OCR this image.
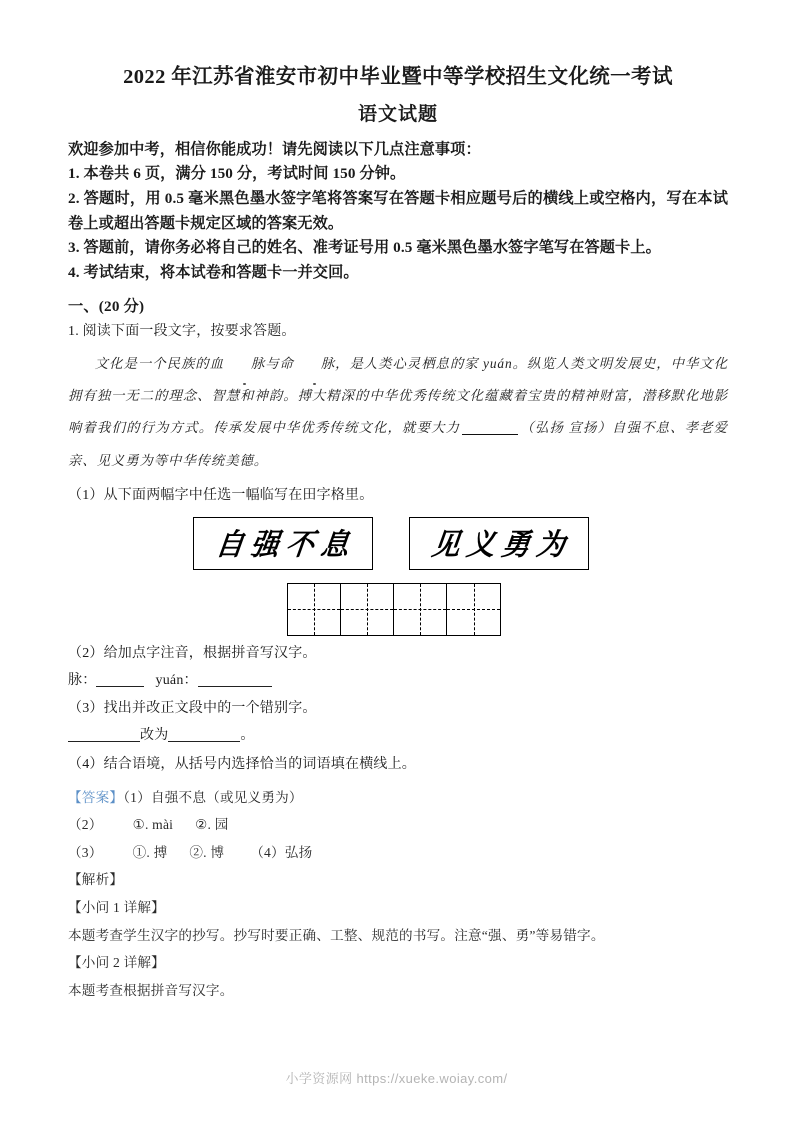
2022 年江苏省淮安市初中毕业暨中等学校招生文化统一考试
语文试题

欢迎参加中考，相信你能成功！请先阅读以下几点注意事项：

1. 本卷共 6 页，满分 150 分，考试时间 150 分钟。

2. 答题时，用 0.5 毫米黑色墨水签字笔将答案写在答题卡相应题号后的横线上或空格内，写在本试卷上或超出答题卡规定区域的答案无效。

3. 答题前，请你务必将自己的姓名、准考证号用 0.5 毫米黑色墨水签字笔写在答题卡上。

4. 考试结束，将本试卷和答题卡一并交回。

一、(20 分)

1. 阅读下面一段文字，按要求答题。

文化是一个民族的血 脉与命 脉，是人类心灵栖息的家 yuán。纵览人类文明发展史，中华文化拥有独一无二的理念、智慧和神韵。搏大精深的中华优秀传统文化蕴藏着宝贵的精神财富，潜移默化地影响着我们的行为方式。传承发展中华优秀传统文化，就要大力	（弘扬 宣扬）自强不息、孝老爱亲、见义勇为等中华传统美德。

（1）从下面两幅字中任选一幅临写在田字格里。

自强不息	见义勇为

（2）给加点字注音，根据拼音写汉字。

脉：	yuán：

（3）找出并改正文段中的一个错别字。

改为	。

（4）结合语境，从括号内选择恰当的词语填在横线上。

【答案】（1）自强不息（或见义勇为）

（2） ①. mài ②. 园

（3） ①. 搏 ②. 博 （4）弘扬

【解析】

【小问 1 详解】

本题考查学生汉字的抄写。抄写时要正确、工整、规范的书写。注意“强、勇”等易错字。

【小问 2 详解】

本题考查根据拼音写汉字。

小学资源网 https://xueke.woiay.com/
